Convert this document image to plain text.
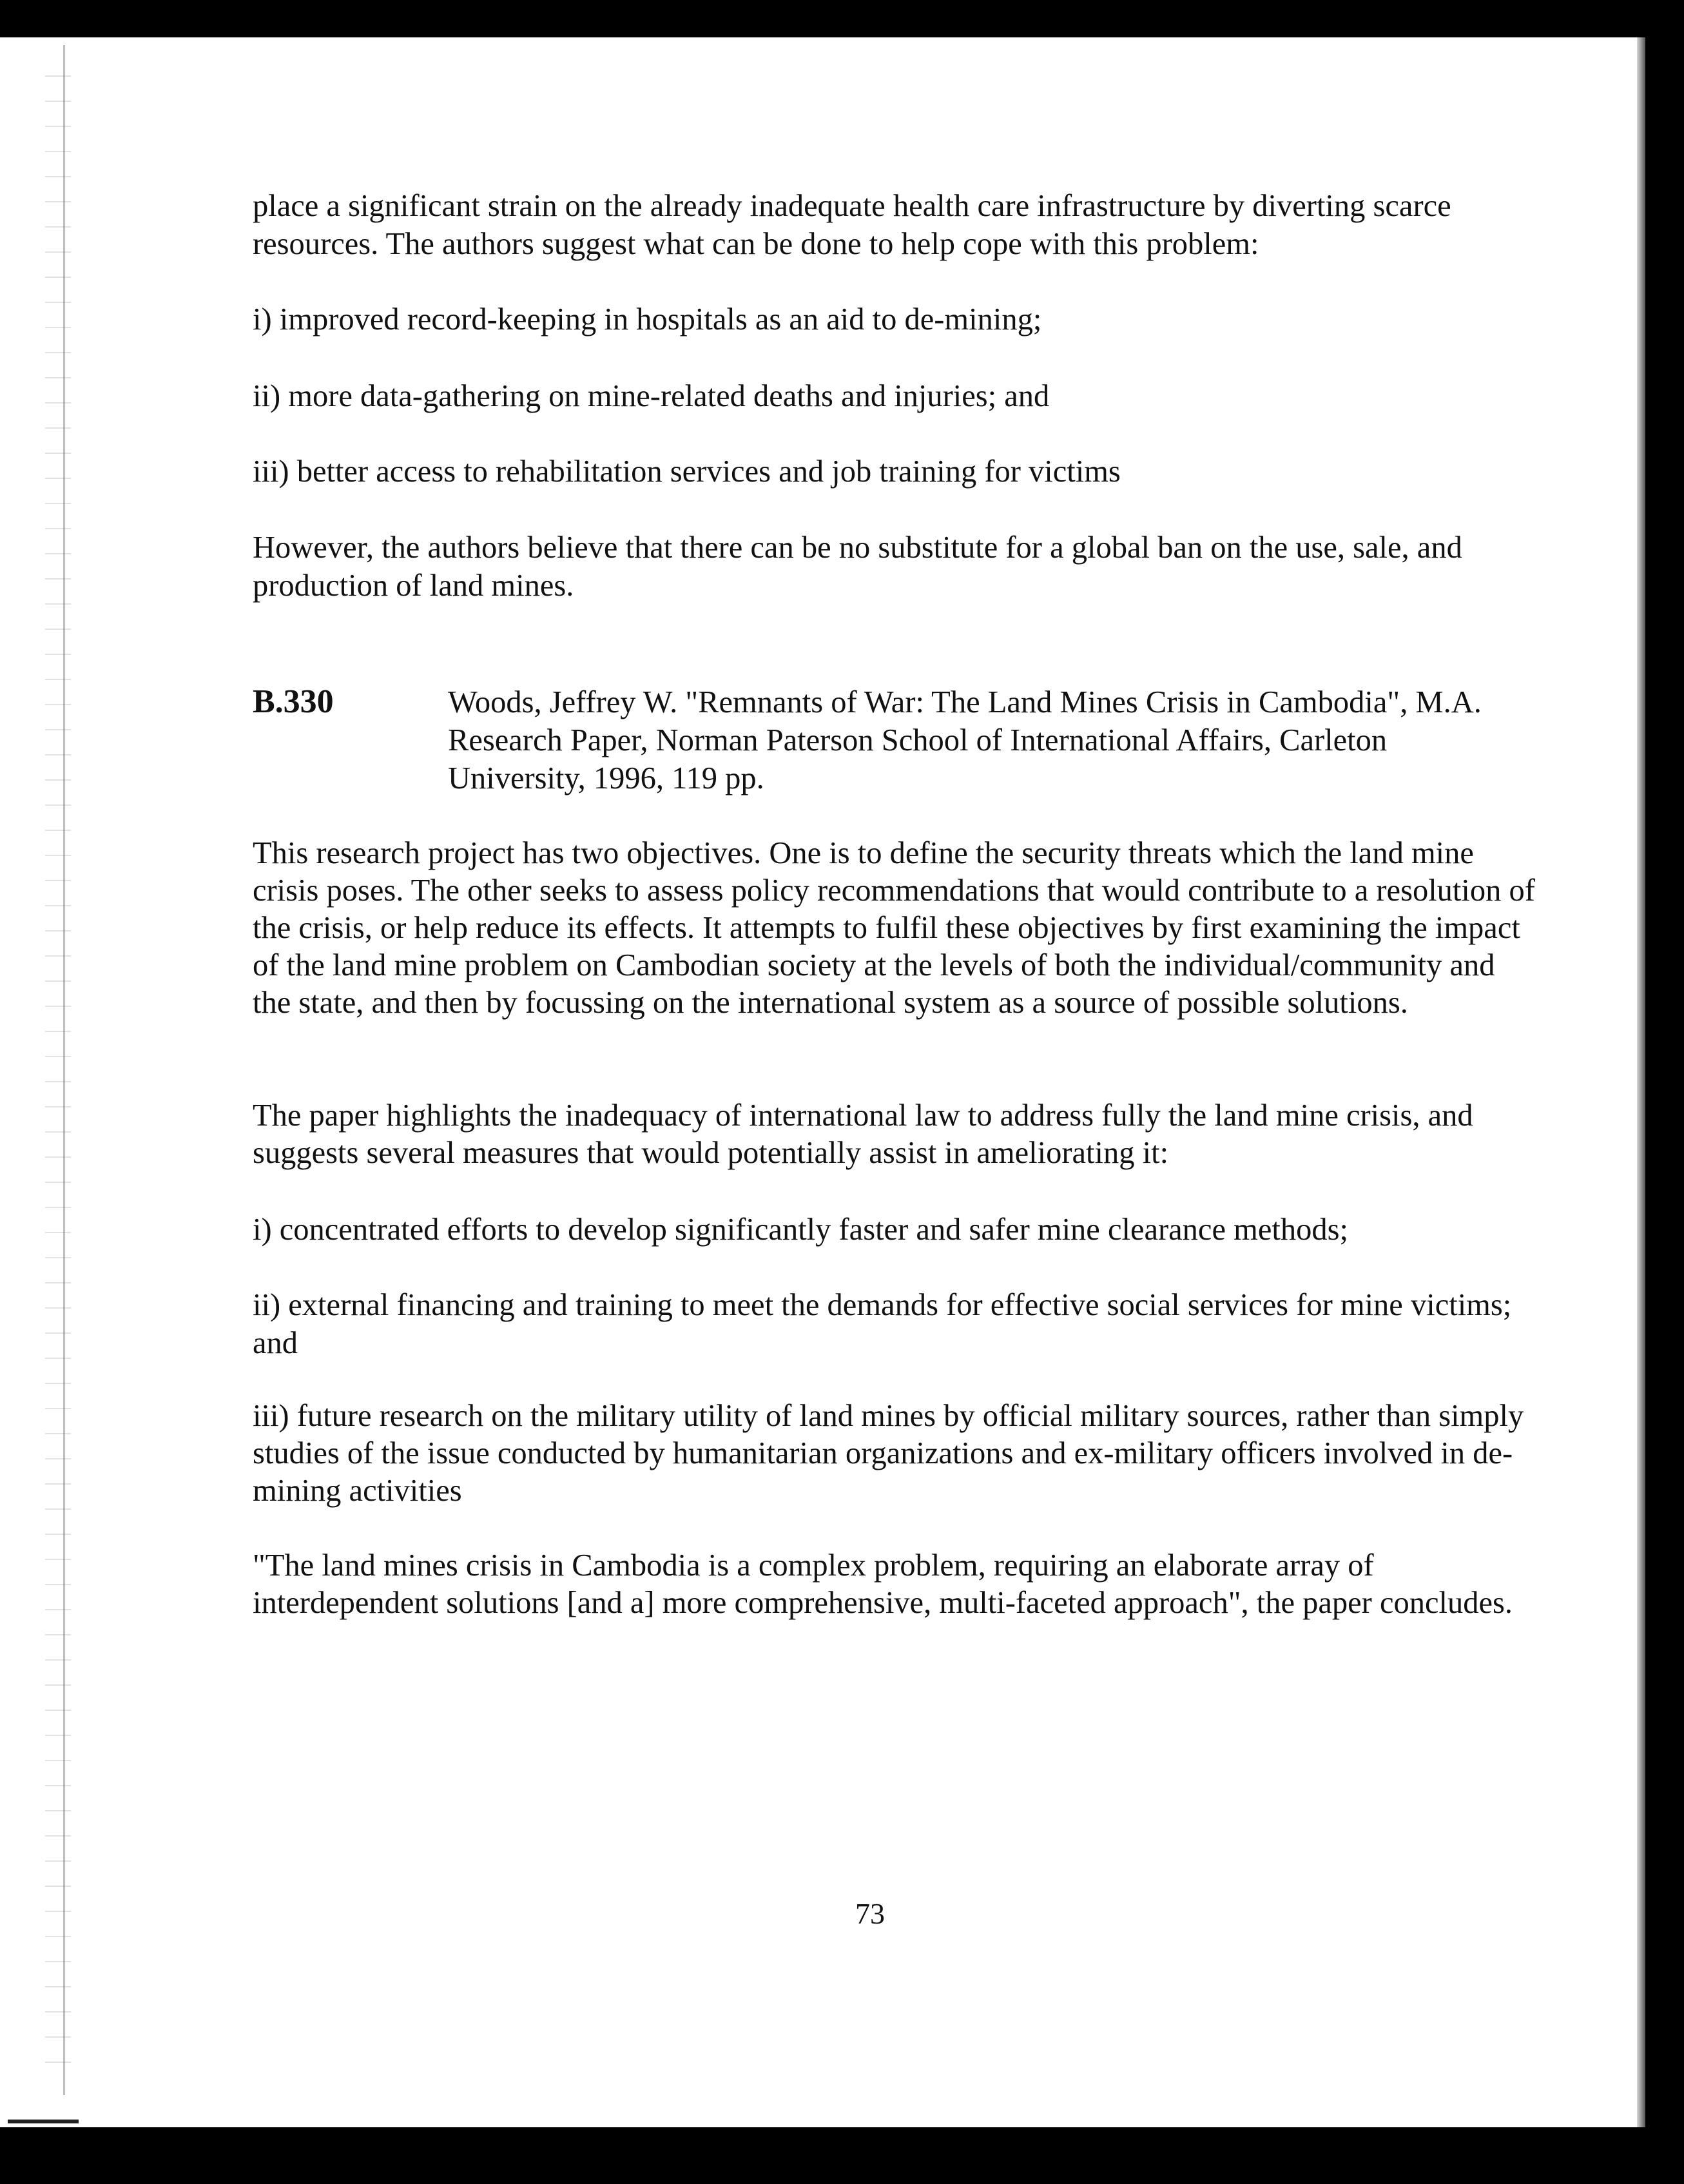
place a significant strain on the already inadequate health care infrastructure by diverting scarce resources. The authors suggest what can be done to help cope with this problem:

i) improved record-keeping in hospitals as an aid to de-mining;

ii) more data-gathering on mine-related deaths and injuries; and

iii) better access to rehabilitation services and job training for victims

However, the authors believe that there can be no substitute for a global ban on the use, sale, and production of land mines.

B.330	Woods, Jeffrey W. "Remnants of War: The Land Mines Crisis in Cambodia", M.A. Research Paper, Norman Paterson School of International Affairs, Carleton University, 1996, 119 pp.

This research project has two objectives. One is to define the security threats which the land mine crisis poses. The other seeks to assess policy recommendations that would contribute to a resolution of the crisis, or help reduce its effects. It attempts to fulfil these objectives by first examining the impact of the land mine problem on Cambodian society at the levels of both the individual/community and the state, and then by focussing on the international system as a source of possible solutions.

The paper highlights the inadequacy of international law to address fully the land mine crisis, and suggests several measures that would potentially assist in ameliorating it:

i) concentrated efforts to develop significantly faster and safer mine clearance methods;

ii) external financing and training to meet the demands for effective social services for mine victims; and

iii) future research on the military utility of land mines by official military sources, rather than simply studies of the issue conducted by humanitarian organizations and ex-military officers involved in de-mining activities

"The land mines crisis in Cambodia is a complex problem, requiring an elaborate array of interdependent solutions [and a] more comprehensive, multi-faceted approach", the paper concludes.

73
